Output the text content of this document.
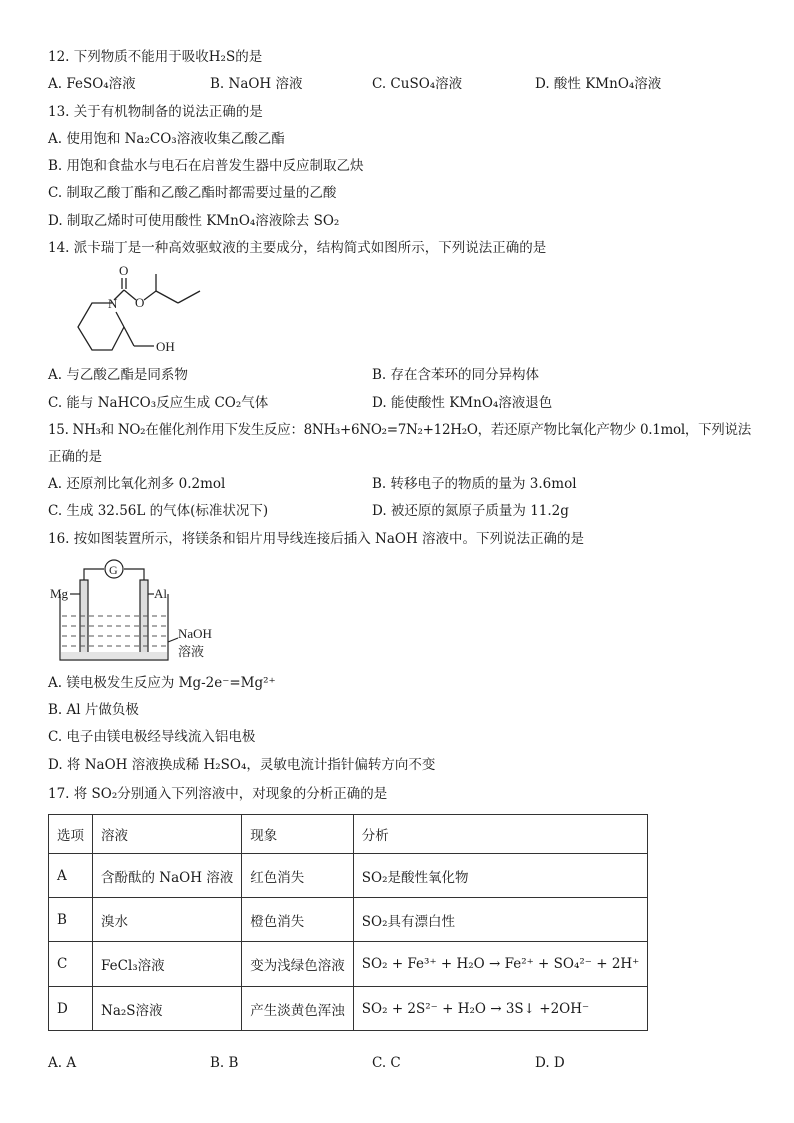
12. 下列物质不能用于吸收H₂S的是
A. FeSO₄溶液	B. NaOH 溶液	C. CuSO₄溶液	D. 酸性 KMnO₄溶液
13. 关于有机物制备的说法正确的是
A. 使用饱和 Na₂CO₃溶液收集乙酸乙酯
B. 用饱和食盐水与电石在启普发生器中反应制取乙炔
C. 制取乙酸丁酯和乙酸乙酯时都需要过量的乙酸
D. 制取乙烯时可使用酸性 KMnO₄溶液除去 SO₂
14. 派卡瑞丁是一种高效驱蚊液的主要成分，结构简式如图所示，下列说法正确的是
O
N O
OH
A. 与乙酸乙酯是同系物	B. 存在含苯环的同分异构体
C. 能与 NaHCO₃反应生成 CO₂气体	D. 能使酸性 KMnO₄溶液退色
15. NH₃和 NO₂在催化剂作用下发生反应：8NH₃+6NO₂=7N₂+12H₂O，若还原产物比氧化产物少 0.1mol，下列说法
正确的是
A. 还原剂比氧化剂多 0.2mol	B. 转移电子的物质的量为 3.6mol
C. 生成 32.56L 的气体(标准状况下)	D. 被还原的氮原子质量为 11.2g
16. 按如图装置所示，将镁条和铝片用导线连接后插入 NaOH 溶液中。下列说法正确的是
G
Mg	Al
NaOH
溶液
A. 镁电极发生反应为 Mg-2e⁻=Mg²⁺
B. Al 片做负极
C. 电子由镁电极经导线流入铝电极
D. 将 NaOH 溶液换成稀 H₂SO₄，灵敏电流计指针偏转方向不变
17. 将 SO₂分别通入下列溶液中，对现象的分析正确的是
选项	溶液	现象	分析
A	含酚酞的 NaOH 溶液	红色消失	SO₂是酸性氧化物
B	溴水	橙色消失	SO₂具有漂白性
C	FeCl₃溶液	变为浅绿色溶液	SO₂ + Fe³⁺ + H₂O → Fe²⁺ + SO₄²⁻ + 2H⁺
D	Na₂S溶液	产生淡黄色浑浊	SO₂ + 2S²⁻ + H₂O → 3S↓ +2OH⁻
A. A	B. B	C. C	D. D
